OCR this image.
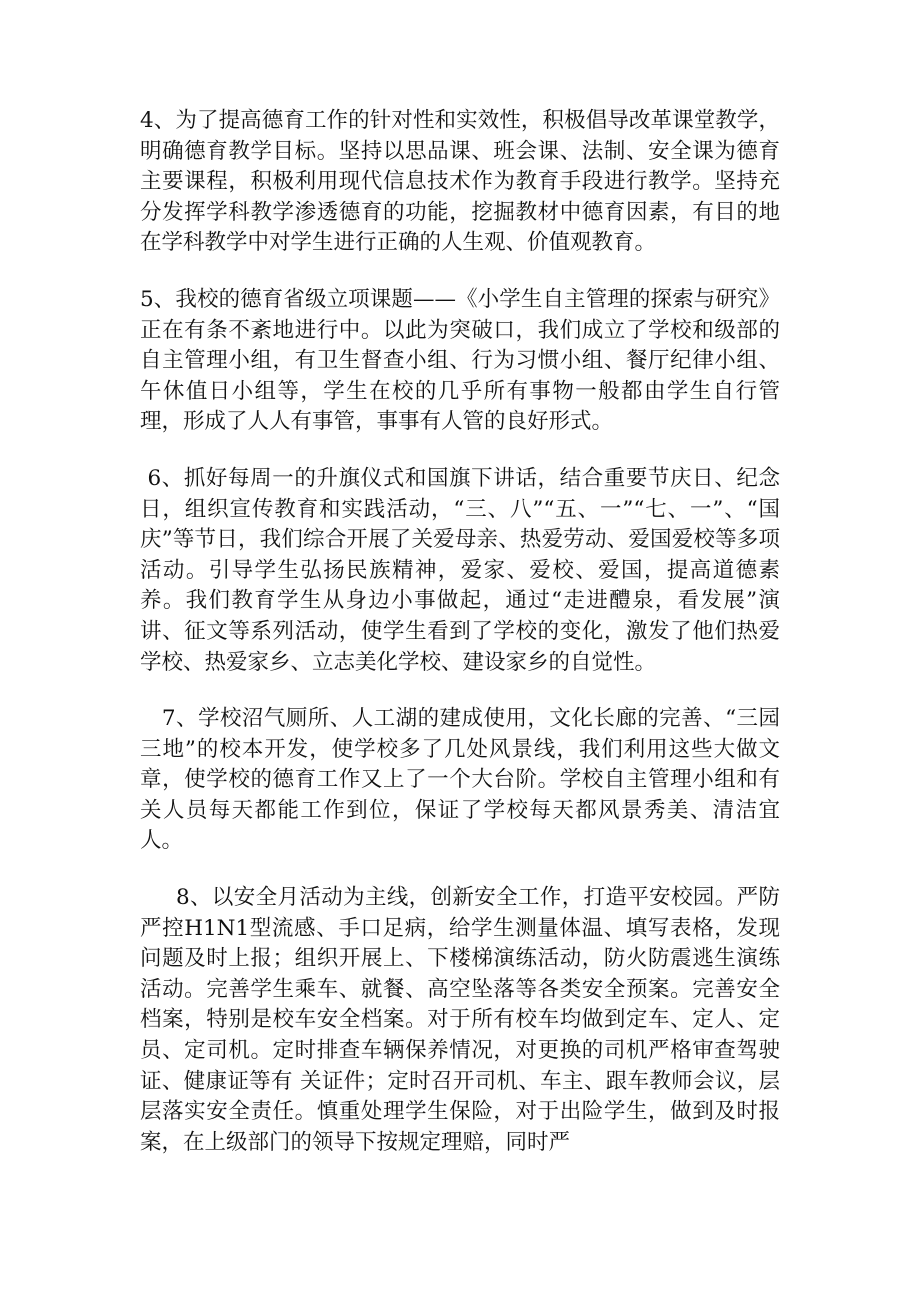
4、为了提高德育工作的针对性和实效性，积极倡导改革课堂教学，明确德育教学目标。坚持以思品课、班会课、法制、安全课为德育主要课程，积极利用现代信息技术作为教育手段进行教学。坚持充分发挥学科教学渗透德育的功能，挖掘教材中德育因素，有目的地在学科教学中对学生进行正确的人生观、价值观教育。

5、我校的德育省级立项课题——《小学生自主管理的探索与研究》正在有条不紊地进行中。以此为突破口，我们成立了学校和级部的自主管理小组，有卫生督查小组、行为习惯小组、餐厅纪律小组、午休值日小组等，学生在校的几乎所有事物一般都由学生自行管理，形成了人人有事管，事事有人管的良好形式。

6、抓好每周一的升旗仪式和国旗下讲话，结合重要节庆日、纪念日，组织宣传教育和实践活动，“三、八”“五、一”“七、一”、“国庆”等节日，我们综合开展了关爱母亲、热爱劳动、爱国爱校等多项活动。引导学生弘扬民族精神，爱家、爱校、爱国，提高道德素养。我们教育学生从身边小事做起，通过“走进醴泉，看发展”演讲、征文等系列活动，使学生看到了学校的变化，激发了他们热爱学校、热爱家乡、立志美化学校、建设家乡的自觉性。

7、学校沼气厕所、人工湖的建成使用，文化长廊的完善、“三园三地”的校本开发，使学校多了几处风景线，我们利用这些大做文章，使学校的德育工作又上了一个大台阶。学校自主管理小组和有关人员每天都能工作到位，保证了学校每天都风景秀美、清洁宜人。

8、以安全月活动为主线，创新安全工作，打造平安校园。严防严控H1N1型流感、手口足病，给学生测量体温、填写表格，发现问题及时上报；组织开展上、下楼梯演练活动，防火防震逃生演练活动。完善学生乘车、就餐、高空坠落等各类安全预案。完善安全档案，特别是校车安全档案。对于所有校车均做到定车、定人、定员、定司机。定时排查车辆保养情况，对更换的司机严格审查驾驶证、健康证等有 关证件；定时召开司机、车主、跟车教师会议，层层落实安全责任。慎重处理学生保险，对于出险学生，做到及时报案，在上级部门的领导下按规定理赔，同时严
